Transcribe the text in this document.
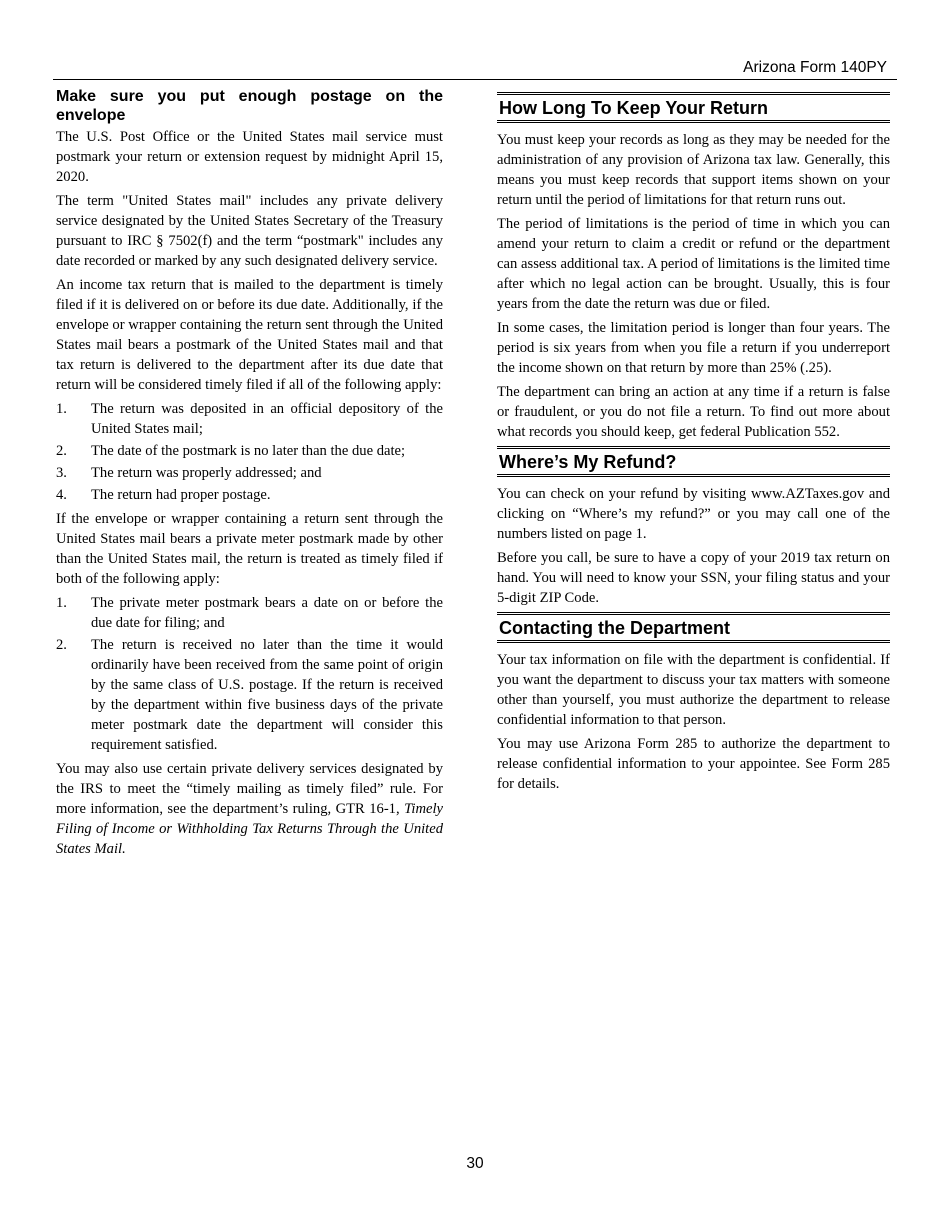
Arizona Form 140PY
Make sure you put enough postage on the envelope

The U.S. Post Office or the United States mail service must postmark your return or extension request by midnight April 15, 2020.

The term "United States mail" includes any private delivery service designated by the United States Secretary of the Treasury pursuant to IRC § 7502(f) and the term “postmark" includes any date recorded or marked by any such designated delivery service.

An income tax return that is mailed to the department is timely filed if it is delivered on or before its due date. Additionally, if the envelope or wrapper containing the return sent through the United States mail bears a postmark of the United States mail and that tax return is delivered to the department after its due date that return will be considered timely filed if all of the following apply:

1.	The return was deposited in an official depository of the United States mail;
2.	The date of the postmark is no later than the due date;
3.	The return was properly addressed; and
4.	The return had proper postage.

If the envelope or wrapper containing a return sent through the United States mail bears a private meter postmark made by other than the United States mail, the return is treated as timely filed if both of the following apply:

1.	The private meter postmark bears a date on or before the due date for filing; and
2.	The return is received no later than the time it would ordinarily have been received from the same point of origin by the same class of U.S. postage. If the return is received by the department within five business days of the private meter postmark date the department will consider this requirement satisfied.

You may also use certain private delivery services designated by the IRS to meet the “timely mailing as timely filed” rule. For more information, see the department’s ruling, GTR 16-1, Timely Filing of Income or Withholding Tax Returns Through the United States Mail.

How Long To Keep Your Return

You must keep your records as long as they may be needed for the administration of any provision of Arizona tax law. Generally, this means you must keep records that support items shown on your return until the period of limitations for that return runs out.

The period of limitations is the period of time in which you can amend your return to claim a credit or refund or the department can assess additional tax. A period of limitations is the limited time after which no legal action can be brought. Usually, this is four years from the date the return was due or filed.

In some cases, the limitation period is longer than four years. The period is six years from when you file a return if you underreport the income shown on that return by more than 25% (.25).

The department can bring an action at any time if a return is false or fraudulent, or you do not file a return. To find out more about what records you should keep, get federal Publication 552.

Where’s My Refund?

You can check on your refund by visiting www.AZTaxes.gov and clicking on “Where’s my refund?” or you may call one of the numbers listed on page 1.

Before you call, be sure to have a copy of your 2019 tax return on hand. You will need to know your SSN, your filing status and your 5-digit ZIP Code.

Contacting the Department

Your tax information on file with the department is confidential. If you want the department to discuss your tax matters with someone other than yourself, you must authorize the department to release confidential information to that person.

You may use Arizona Form 285 to authorize the department to release confidential information to your appointee. See Form 285 for details.

30
